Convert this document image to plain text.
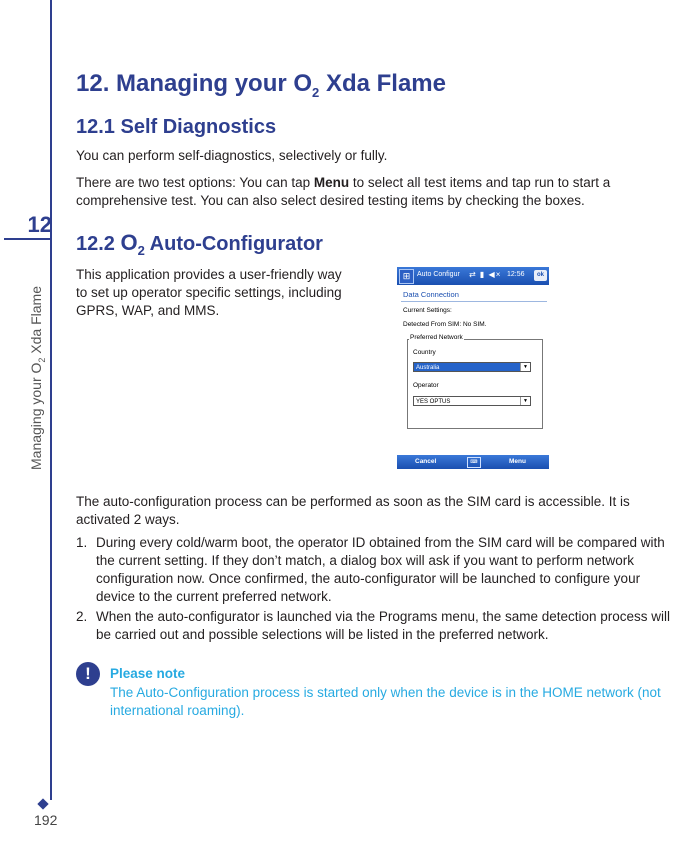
12
Managing your $O_2$ Xda Flame
192
12. Managing your $O_2$ Xda Flame
12.1 Self Diagnostics

You can perform self-diagnostics, selectively or fully.

There are two test options: You can tap Menu to select all test items and tap run to start a comprehensive test. You can also select desired testing items by checking the boxes.

12.2 $O_2$ Auto-Configurator

This application provides a user-friendly way to set up operator specific settings, including GPRS, WAP, and MMS.

⊞ Auto Configur ⇄ ▮ ◀× 12:56	ok
Data Connection
Current Settings:
Detected From SIM: No SIM.
Preferred Network
Country
Australia	▼
Operator
YES OPTUS	▼
Cancel	⌨	Menu

The auto-configuration process can be performed as soon as the SIM card is accessible. It is activated 2 ways.

1. During every cold/warm boot, the operator ID obtained from the SIM card will be compared with the current setting. If they don’t match, a dialog box will ask if you want to perform network configuration now. Once confirmed, the auto-configurator will be launched to configure your device to the current preferred network.
2. When the auto-configurator is launched via the Programs menu, the same detection process will be carried out and possible selections will be listed in the preferred network.
!	Please note

The Auto-Configuration process is started only when the device is in the HOME network (not international roaming).
